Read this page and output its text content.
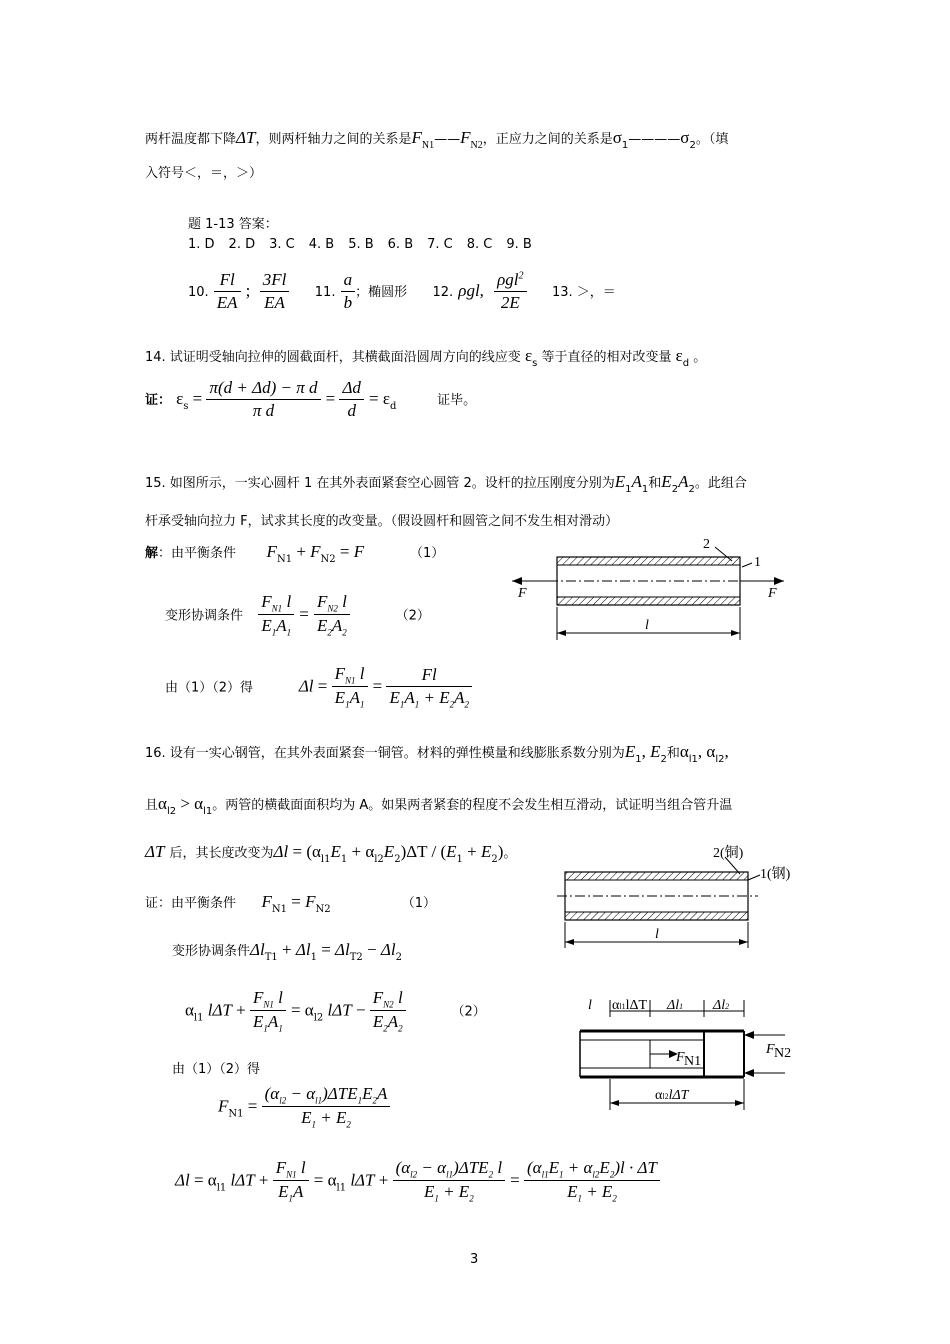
两杆温度都下降ΔT，则两杆轴力之间的关系是$F_{N1}——F_{N2}$，正应力之间的关系是$\sigma_1————\sigma_2$。（填
入符号＜，＝，＞）
题 1-13 答案：
1. D 2. D 3. C 4. B 5. B 6. B 7. C 8. C 9. B
10. $\frac{Fl}{EA}$ ; $\frac{3Fl}{EA} 11$. $\frac{a}{b}$ ；椭圆形 12. ρgl, $\frac{\rho gl^2}{2E} 13$. ＞，＝
14. 试证明受轴向拉伸的圆截面杆，其横截面沿圆周方向的线应变 $\varepsilon_s$ 等于直径的相对改变量 $\varepsilon_d$ 。
证： $\varepsilon_s = \frac{\text{π(d + Δd) − π d}}{\text{π d}} = \frac{\Delta d}{d} = \varepsilon_d$	证毕。
15. 如图所示，一实心圆杆 1 在其外表面紧套空心圆管 2。设杆的拉压刚度分别为$E_1A_1$和$E_2A_2$。此组合
杆承受轴向拉力 F，试求其长度的改变量。（假设圆杆和圆管之间不发生相对滑动）
解：由平衡条件 $F_{N1} + F_{N2} = F$	（1）
变形协调条件 $\frac{F_{N1} l}{E_1A_1} = \frac{F_{N2} l}{E_2A_2}$	（2）
由（1）（2）得	$\Delta l = \frac{F_{N1} l}{E_1A_1} = \frac{Fl}{E_1A_1 + E_2A_2}$
2
1
F	F
l
16. 设有一实心钢管，在其外表面紧套一铜管。材料的弹性模量和线膨胀系数分别为$E_1$, $E_2$和$\alpha_{l1}$, $\alpha_{l2}$,
且$\alpha_{l2} > \alpha_{l1}$。两管的横截面面积均为 A。如果两者紧套的程度不会发生相互滑动，试证明当组合管升温
ΔT 后，其长度改变为$\Delta l = (\alpha_{l1}E_1 + \alpha_{l2}E_2)\Delta T / (E_1 + E_2)$。	2(铜)
1(钢)
l
证：由平衡条件 $F_{N1} = F_{N2}$	（1）
变形协调条件$\Delta l_{T1} + \Delta l_1 = \Delta l_{T2} - \Delta l_2$
$\alpha_{l1}$ $l\Delta T + \frac{F_{N1} l}{E_1A_1} = \alpha_{l2}$ $l\Delta T - \frac{F_{N2} l}{E_2A_2}$	（2）	l αl1lΔT Δl1 Δl2
F N1
F N2
αl2lΔT
由（1）（2）得
$F_{N1} = \frac{(\alpha_{l2} - \alpha_{l1})\Delta TE_1E_2A}{E_1 + E_2}$
$\Delta l = \alpha_{l1}$ $l\Delta T + \frac{F_{N1} l}{E_1A} = \alpha_{l1}$ $l\Delta T + \frac{(\alpha_{l2} - \alpha_{l1})\Delta TE_2 l}{E_1 + E_2} = \frac{(\alpha_{l1}E_1 + \alpha_{l2}E_2)l \cdot \Delta T}{E_1 + E_2}$
3
